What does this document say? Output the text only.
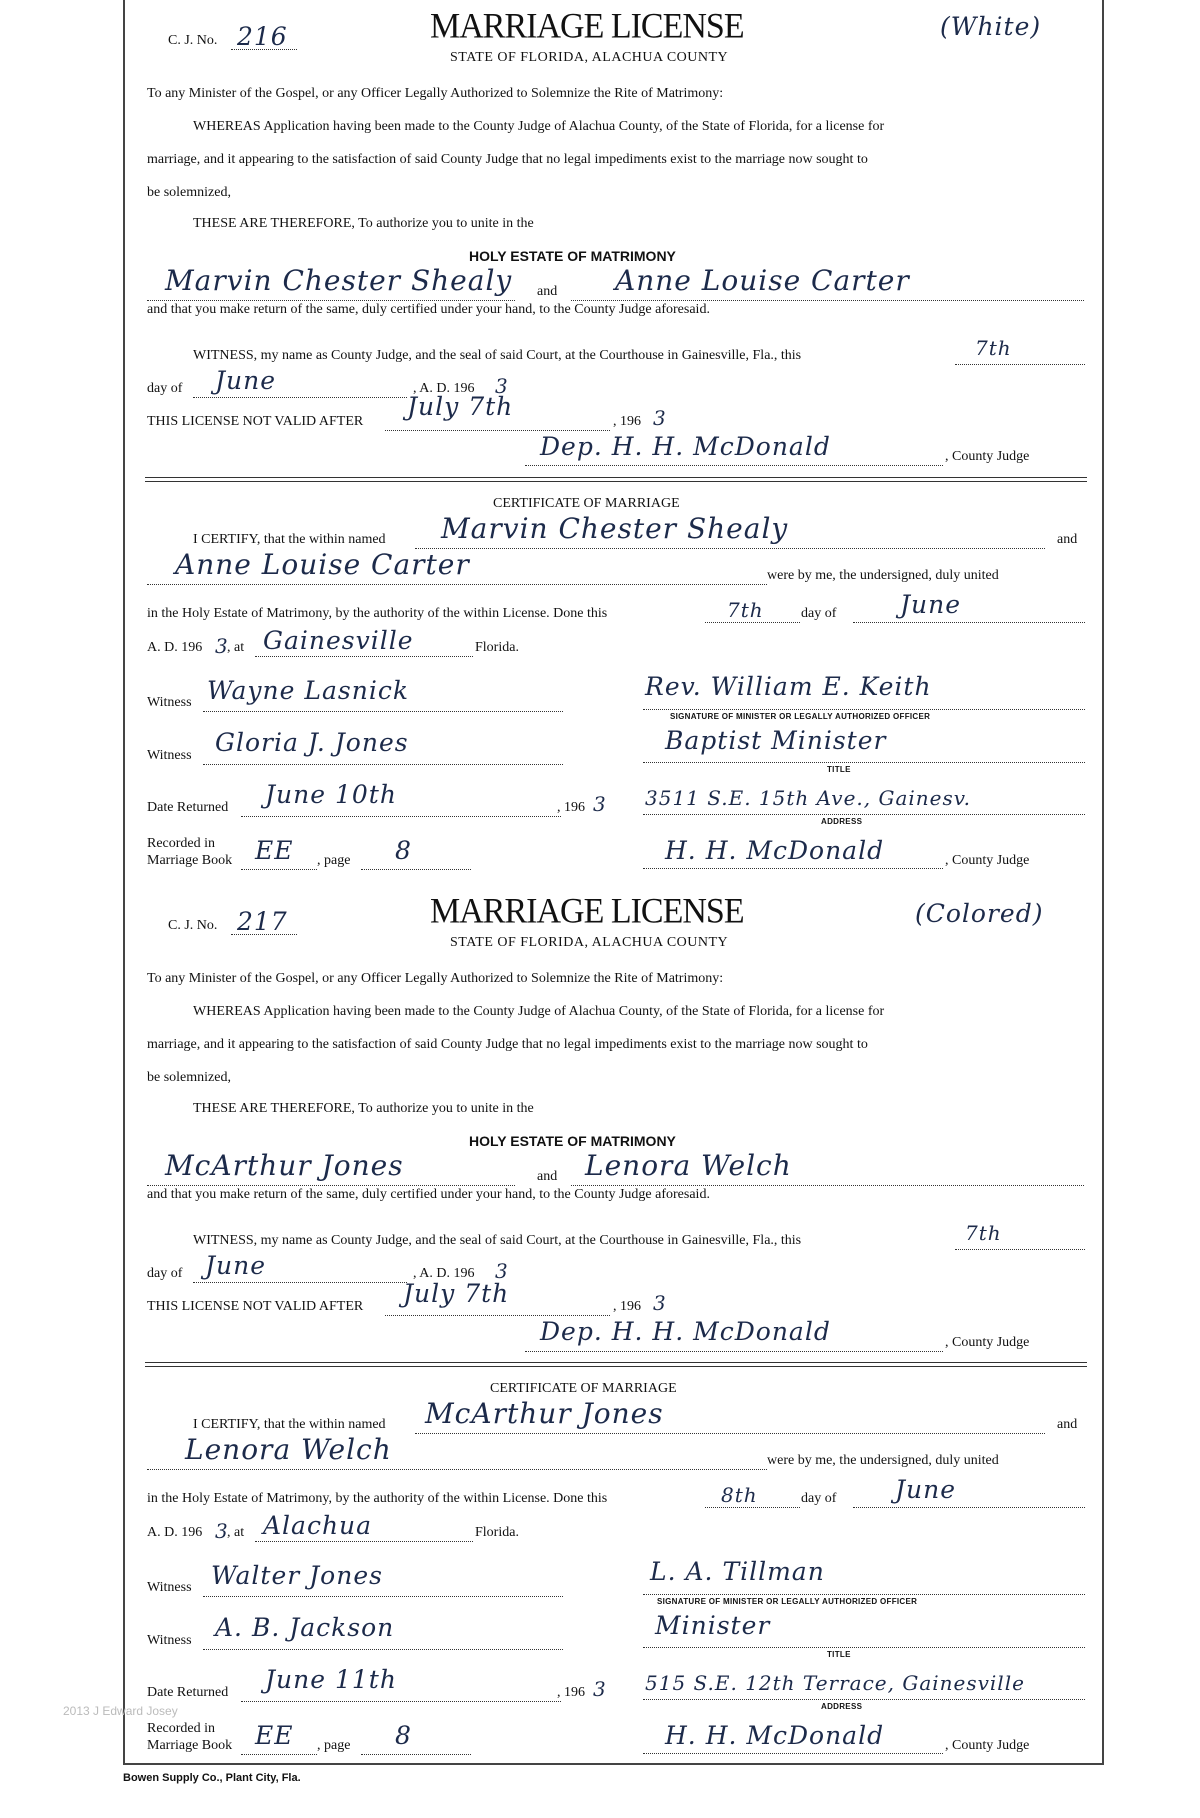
C. J. No. 216	MARRIAGE LICENSE
STATE OF FLORIDA, ALACHUA COUNTY
(White)
To any Minister of the Gospel, or any Officer Legally Authorized to Solemnize the Rite of Matrimony:
WHEREAS Application having been made to the County Judge of Alachua County, of the State of Florida, for a license for
marriage, and it appearing to the satisfaction of said County Judge that no legal impediments exist to the marriage now sought to
be solemnized,
THESE ARE THEREFORE, To authorize you to unite in the
HOLY ESTATE OF MATRIMONY
Marvin Chester Shealy and Anne Louise Carter
and that you make return of the same, duly certified under your hand, to the County Judge aforesaid.
WITNESS, my name as County Judge, and the seal of said Court, at the Courthouse in Gainesville, Fla., this	7th
day of June	, A. D. 196 3
THIS LICENSE NOT VALID AFTER
July 7th
, 196 3
Dep. H. H. McDonald	, County Judge
CERTIFICATE OF MARRIAGE
I CERTIFY, that the within named Marvin Chester Shealy	and
Anne Louise Carter	were by me, the undersigned, duly united
in the Holy Estate of Matrimony, by the authority of the within License. Done this	7th	day of	June
A. D. 196 3
, at Gainesville	Florida.
Witness Wayne Lasnick	Rev. William E. Keith
SIGNATURE OF MINISTER OR LEGALLY AUTHORIZED OFFICER
Witness Gloria J. Jones	Baptist Minister
TITLE
Date Returned June 10th	, 196 3 3511 S.E. 15th Ave., Gainesv.
ADDRESS
Recorded in
Marriage Book EE , page 8	H. H. McDonald	, County Judge
C. J. No. 217	MARRIAGE LICENSE
STATE OF FLORIDA, ALACHUA COUNTY
(Colored)
To any Minister of the Gospel, or any Officer Legally Authorized to Solemnize the Rite of Matrimony:
WHEREAS Application having been made to the County Judge of Alachua County, of the State of Florida, for a license for
marriage, and it appearing to the satisfaction of said County Judge that no legal impediments exist to the marriage now sought to
be solemnized,
THESE ARE THEREFORE, To authorize you to unite in the
HOLY ESTATE OF MATRIMONY
McArthur Jones	and Lenora Welch
and that you make return of the same, duly certified under your hand, to the County Judge aforesaid.
WITNESS, my name as County Judge, and the seal of said Court, at the Courthouse in Gainesville, Fla., this	7th
day of June	, A. D. 196 3
THIS LICENSE NOT VALID AFTER July 7th	, 196 3
Dep. H. H. McDonald	, County Judge
CERTIFICATE OF MARRIAGE
I CERTIFY, that the within named McArthur Jones	and
Lenora Welch	were by me, the undersigned, duly united
in the Holy Estate of Matrimony, by the authority of the within License. Done this	8th	day of June
A. D. 196 3
, at Alachua	Florida.
Witness Walter Jones	L. A. Tillman
SIGNATURE OF MINISTER OR LEGALLY AUTHORIZED OFFICER
Witness A. B. Jackson	Minister
TITLE
Date Returned June 11th	, 196 3 515 S.E. 12th Terrace, Gainesville
ADDRESS
Recorded in
Marriage Book EE , page 8	H. H. McDonald	, County Judge
2013 J Edward Josey
Bowen Supply Co., Plant City, Fla.
